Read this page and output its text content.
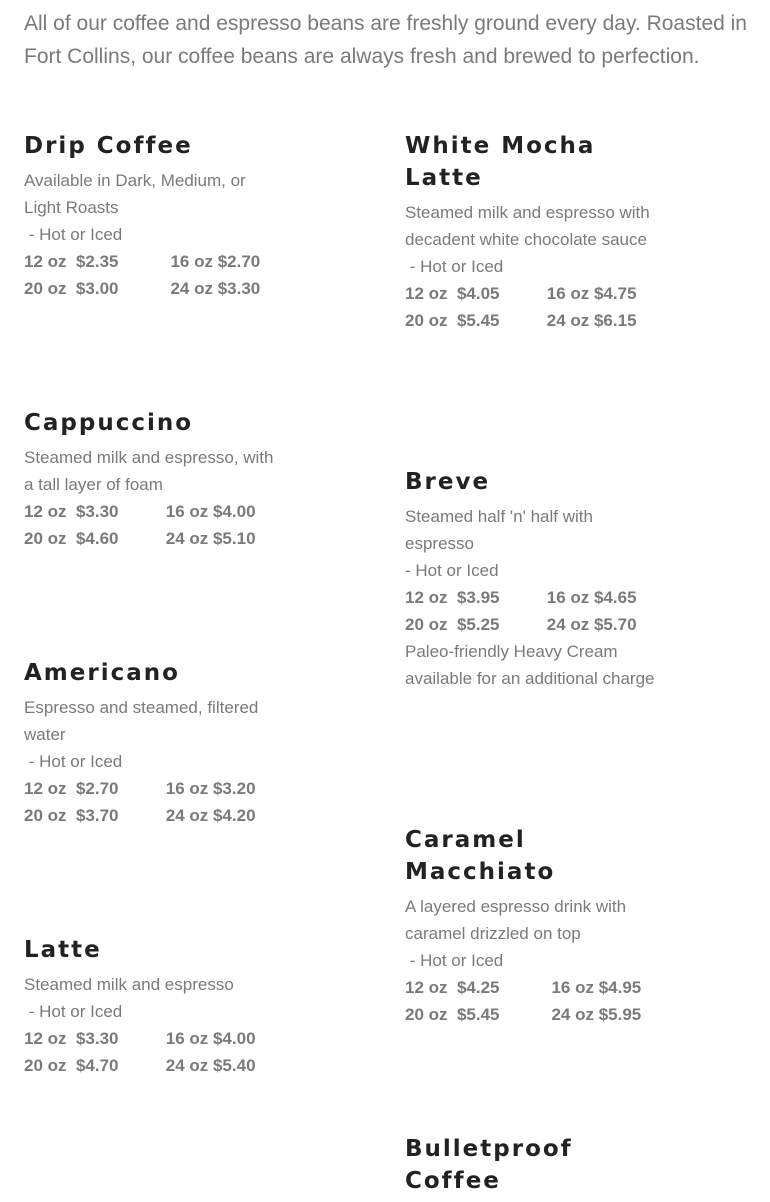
All of our coffee and espresso beans are freshly ground every day. Roasted in Fort Collins, our coffee beans are always fresh and brewed to perfection.
Drip Coffee
Available in Dark, Medium, or Light Roasts
- Hot or Iced
12 oz  $2.35           16 oz $2.70
20 oz  $3.00           24 oz $3.30
Cappuccino
Steamed milk and espresso, with a tall layer of foam
12 oz  $3.30          16 oz $4.00
20 oz  $4.60          24 oz $5.10
Americano
Espresso and steamed, filtered water
- Hot or Iced
12 oz  $2.70          16 oz $3.20
20 oz  $3.70          24 oz $4.20
Latte
Steamed milk and espresso
- Hot or Iced
12 oz  $3.30          16 oz $4.00
20 oz  $4.70          24 oz $5.40
White Mocha Latte
Steamed milk and espresso with decadent white chocolate sauce
- Hot or Iced
12 oz  $4.05          16 oz $4.75
20 oz  $5.45          24 oz $6.15
Breve
Steamed half 'n' half with espresso
- Hot or Iced
12 oz  $3.95          16 oz $4.65
20 oz  $5.25          24 oz $5.70
Paleo-friendly Heavy Cream available for an additional charge
Caramel Macchiato
A layered espresso drink with caramel drizzled on top
- Hot or Iced
12 oz  $4.25           16 oz $4.95
20 oz  $5.45           24 oz $5.95
Bulletproof Coffee
